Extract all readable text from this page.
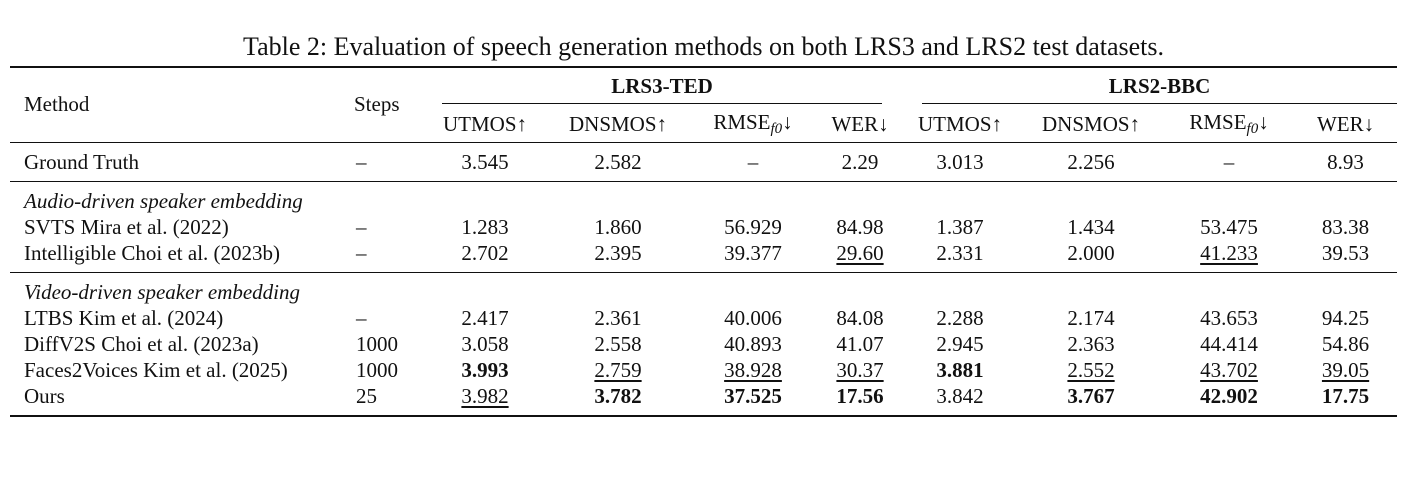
Table 2: Evaluation of speech generation methods on both LRS3 and LRS2 test datasets.
Method	Steps	LRS3-TED				LRS2-BBC			

		UTMOS↑	DNSMOS↑	$RMSE_{f0}↓$	WER↓	UTMOS↑	DNSMOS↑	$RMSE_{f0}↓$	WER↓

Ground Truth	–	3.545	2.582	–	2.29	3.013	2.256	–	8.93

Audio-driven speaker embedding									
SVTS Mira et al. (2022)	–	1.283	1.860	56.929	84.98	1.387	1.434	53.475	83.38
Intelligible Choi et al. (2023b)	–	2.702	2.395	39.377	29.60	2.331	2.000	41.233	39.53

Video-driven speaker embedding									
LTBS Kim et al. (2024)	–	2.417	2.361	40.006	84.08	2.288	2.174	43.653	94.25
DiffV2S Choi et al. (2023a)	1000	3.058	2.558	40.893	41.07	2.945	2.363	44.414	54.86
Faces2Voices Kim et al. (2025)	1000	3.993	2.759	38.928	30.37	3.881	2.552	43.702	39.05
Ours	25	3.982	3.782	37.525	17.56	3.842	3.767	42.902	17.75
